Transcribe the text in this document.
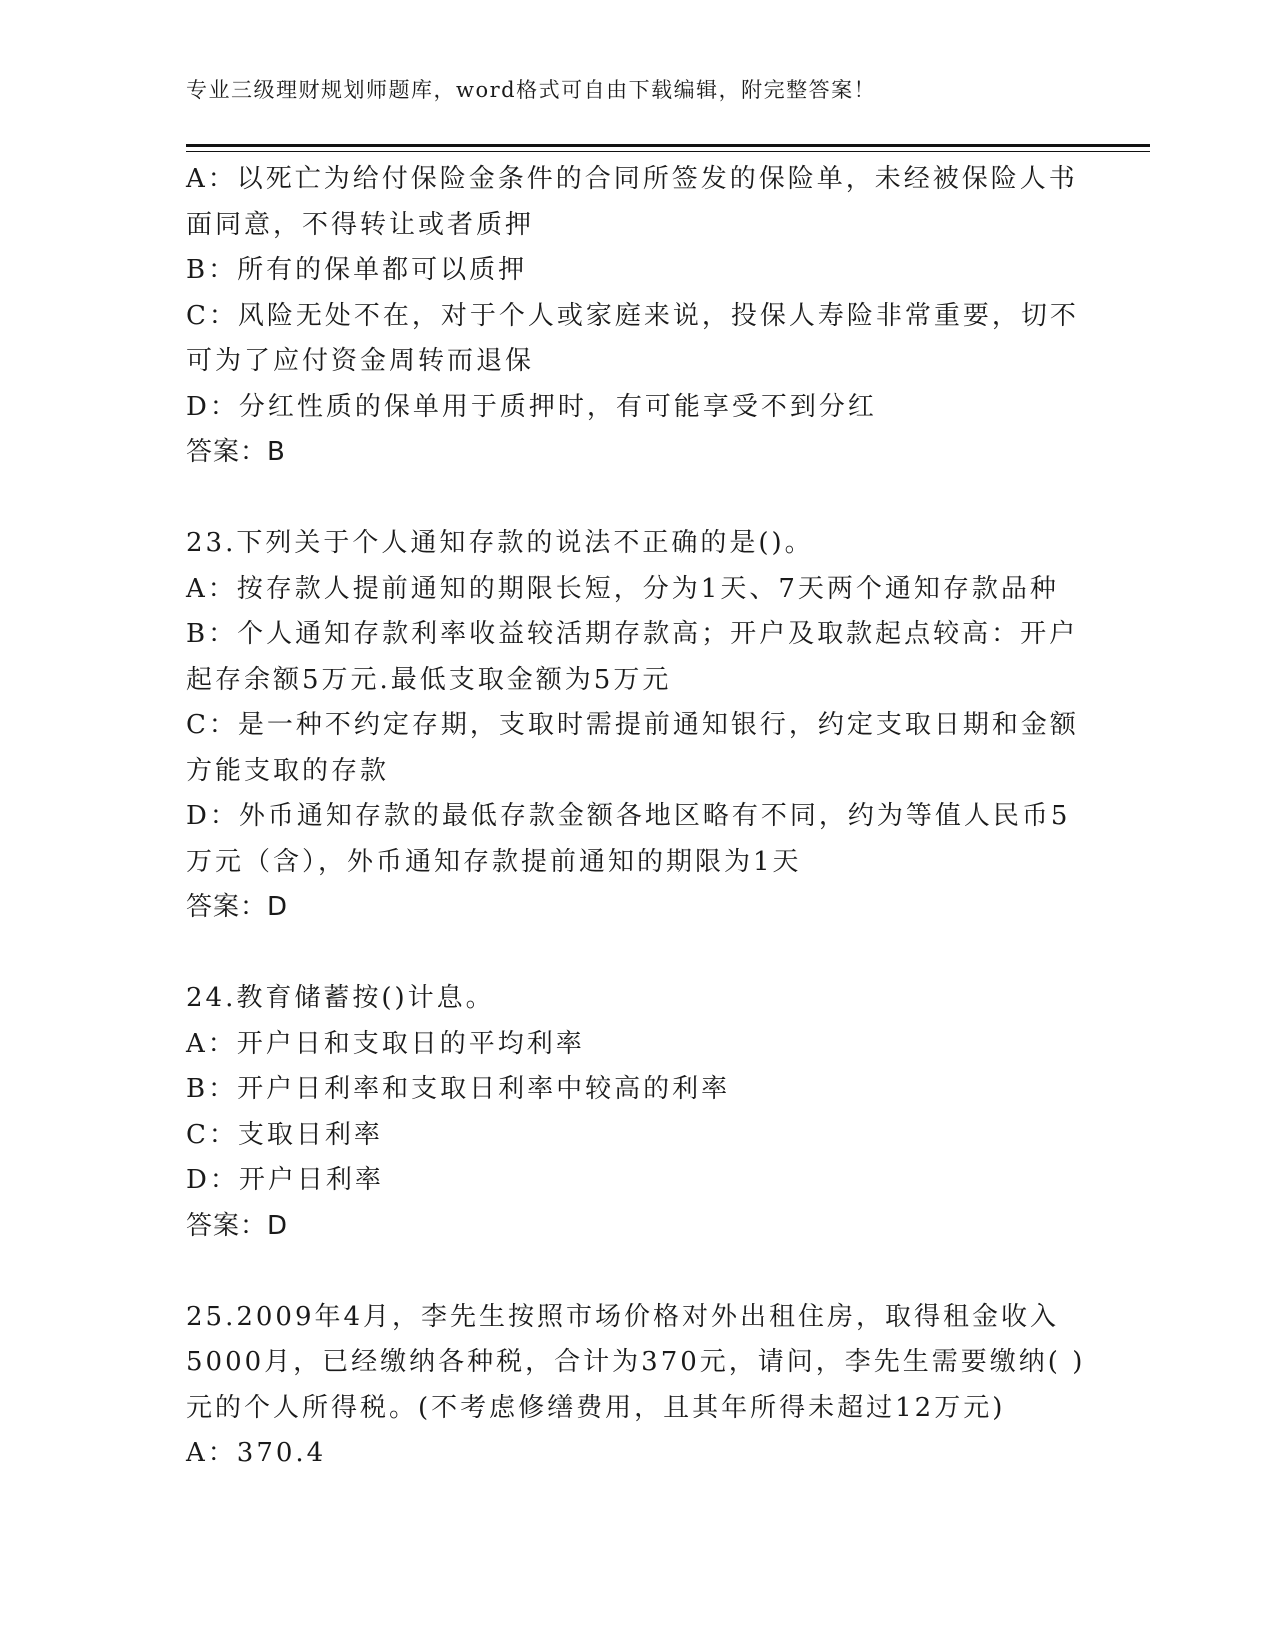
专业三级理财规划师题库，word格式可自由下载编辑，附完整答案！
A：以死亡为给付保险金条件的合同所签发的保险单，未经被保险人书
面同意，不得转让或者质押
B：所有的保单都可以质押
C：风险无处不在，对于个人或家庭来说，投保人寿险非常重要，切不
可为了应付资金周转而退保
D：分红性质的保单用于质押时，有可能享受不到分红
答案：B
23.下列关于个人通知存款的说法不正确的是()。
A：按存款人提前通知的期限长短，分为1天、7天两个通知存款品种
B：个人通知存款利率收益较活期存款高；开户及取款起点较高：开户
起存余额5万元.最低支取金额为5万元
C：是一种不约定存期，支取时需提前通知银行，约定支取日期和金额
方能支取的存款
D：外币通知存款的最低存款金额各地区略有不同，约为等值人民币5
万元（含），外币通知存款提前通知的期限为1天
答案：D
24.教育储蓄按()计息。
A：开户日和支取日的平均利率
B：开户日利率和支取日利率中较高的利率
C：支取日利率
D：开户日利率
答案：D
25.2009年4月，李先生按照市场价格对外出租住房，取得租金收入
5000月，已经缴纳各种税，合计为370元，请问，李先生需要缴纳( )
元的个人所得税。(不考虑修缮费用，且其年所得未超过12万元)
A：370.4
